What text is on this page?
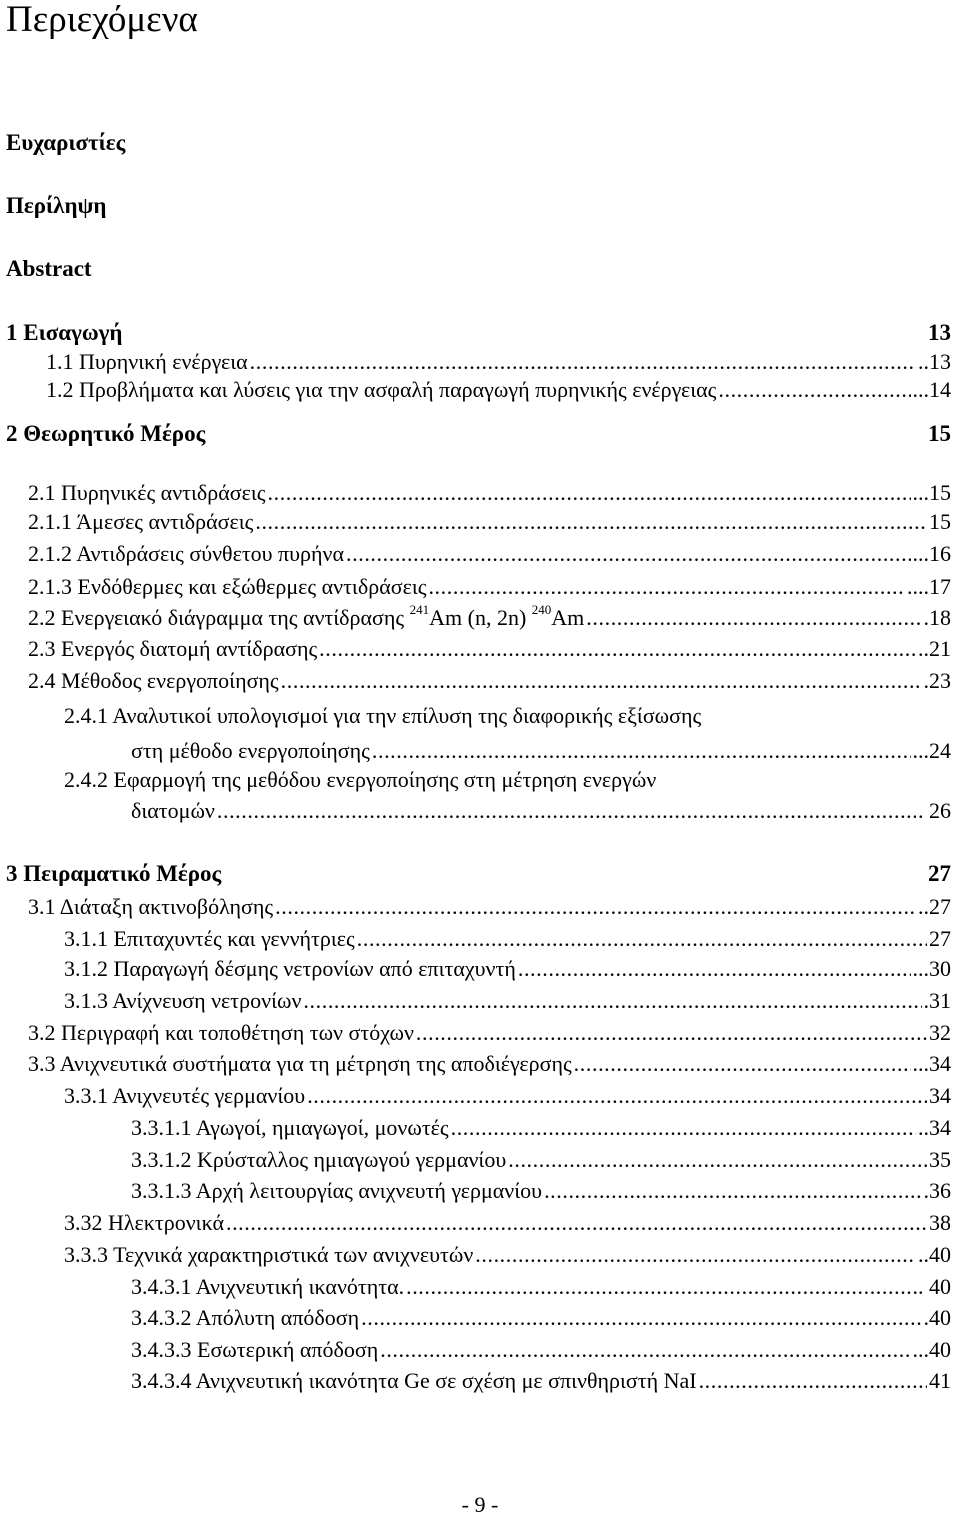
Περιεχόμενα
Ευχαριστίες
Περίληψη
Abstract
1 Εισαγωγή	13
1.1 Πυρηνική ενέργεια .....	..13
1.2 Προβλήματα και λύσεις για την ασφαλή παραγωγή πυρηνικής ενέργειας .....	...14
2 Θεωρητικό Μέρος	15
2.1 Πυρηνικές αντιδράσεις .....	...15
2.1.1 Άμεσες αντιδράσεις .....	15
2.1.2 Αντιδράσεις σύνθετου πυρήνα .....	...16
2.1.3 Ενδόθερμες και εξώθερμες αντιδράσεις .....	....17
2.2 Ενεργειακό διάγραμμα της αντίδρασης $^{241}$Am (n, 2n) $^{240}$Am .....	.18
2.3 Ενεργός διατομή αντίδρασης .....	..21
2.4 Μέθοδος ενεργοποίησης .....	.23
2.4.1 Αναλυτικοί υπολογισμοί για την επίλυση της διαφορικής εξίσωσης
στη μέθοδο ενεργοποίησης .....	...24
2.4.2 Εφαρμογή της μεθόδου ενεργοποίησης στη μέτρηση ενεργών
διατομών .....	. 26
3 Πειραματικό Μέρος	27
3.1 Διάταξη ακτινοβόλησης .....	..27
3.1.1 Επιταχυντές και γεννήτριες .....	27
3.1.2 Παραγωγή δέσμης νετρονίων από επιταχυντή .....	...30
3.1.3 Ανίχνευση νετρονίων .....	.31
3.2 Περιγραφή και τοποθέτηση των στόχων .....	32
3.3 Ανιχνευτικά συστήματα για τη μέτρηση της αποδιέγερσης .....	...34
3.3.1 Ανιχνευτές γερμανίου .....	34
3.3.1.1 Αγωγοί, ημιαγωγοί, μονωτές .....	..34
3.3.1.2 Κρύσταλλος ημιαγωγού γερμανίου .....	35
3.3.1.3 Αρχή λειτουργίας ανιχνευτή γερμανίου .....	.36
3.32 Ηλεκτρονικά .....	38
3.3.3 Τεχνικά χαρακτηριστικά των ανιχνευτών .....	..40
3.4.3.1 Ανιχνευτική ικανότητα. .....	.. 40
3.4.3.2 Απόλυτη απόδοση .....	.40
3.4.3.3 Εσωτερική απόδοση .....	...40
3.4.3.4 Ανιχνευτική ικανότητα Ge σε σχέση με σπινθηριστή NaI .....	41
- 9 -
